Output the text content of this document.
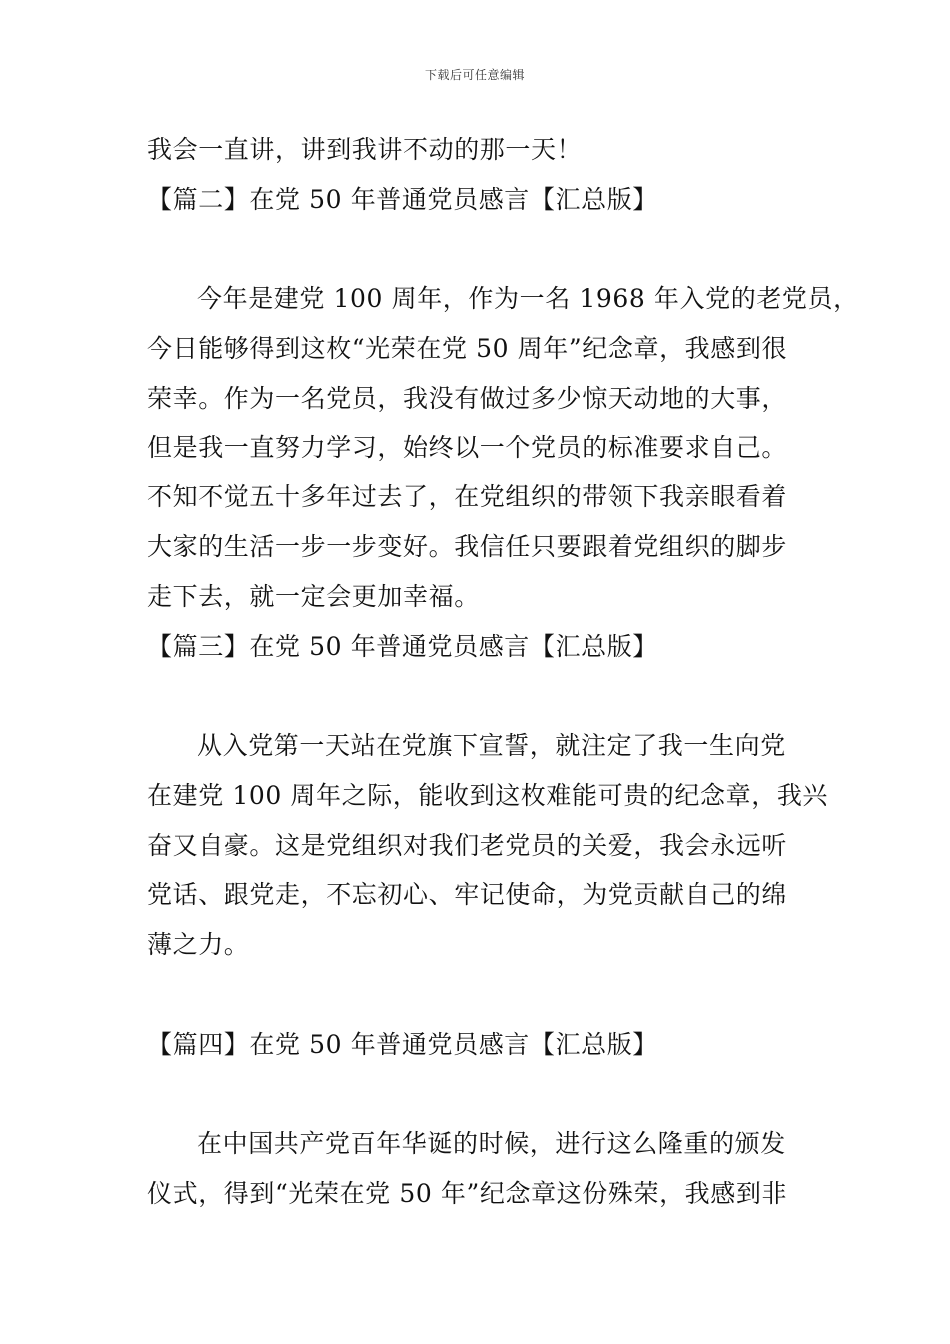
下载后可任意编辑
我会一直讲，讲到我讲不动的那一天！
【篇二】在党 50 年普通党员感言【汇总版】
今年是建党 100 周年，作为一名 1968 年入党的老党员，
今日能够得到这枚“光荣在党 50 周年”纪念章，我感到很
荣幸。作为一名党员，我没有做过多少惊天动地的大事，
但是我一直努力学习，始终以一个党员的标准要求自己。
不知不觉五十多年过去了，在党组织的带领下我亲眼看着
大家的生活一步一步变好。我信任只要跟着党组织的脚步
走下去，就一定会更加幸福。
【篇三】在党 50 年普通党员感言【汇总版】
从入党第一天站在党旗下宣誓，就注定了我一生向党
在建党 100 周年之际，能收到这枚难能可贵的纪念章，我兴
奋又自豪。这是党组织对我们老党员的关爱，我会永远听
党话、跟党走，不忘初心、牢记使命，为党贡献自己的绵
薄之力。
【篇四】在党 50 年普通党员感言【汇总版】
在中国共产党百年华诞的时候，进行这么隆重的颁发
仪式，得到“光荣在党 50 年”纪念章这份殊荣，我感到非
